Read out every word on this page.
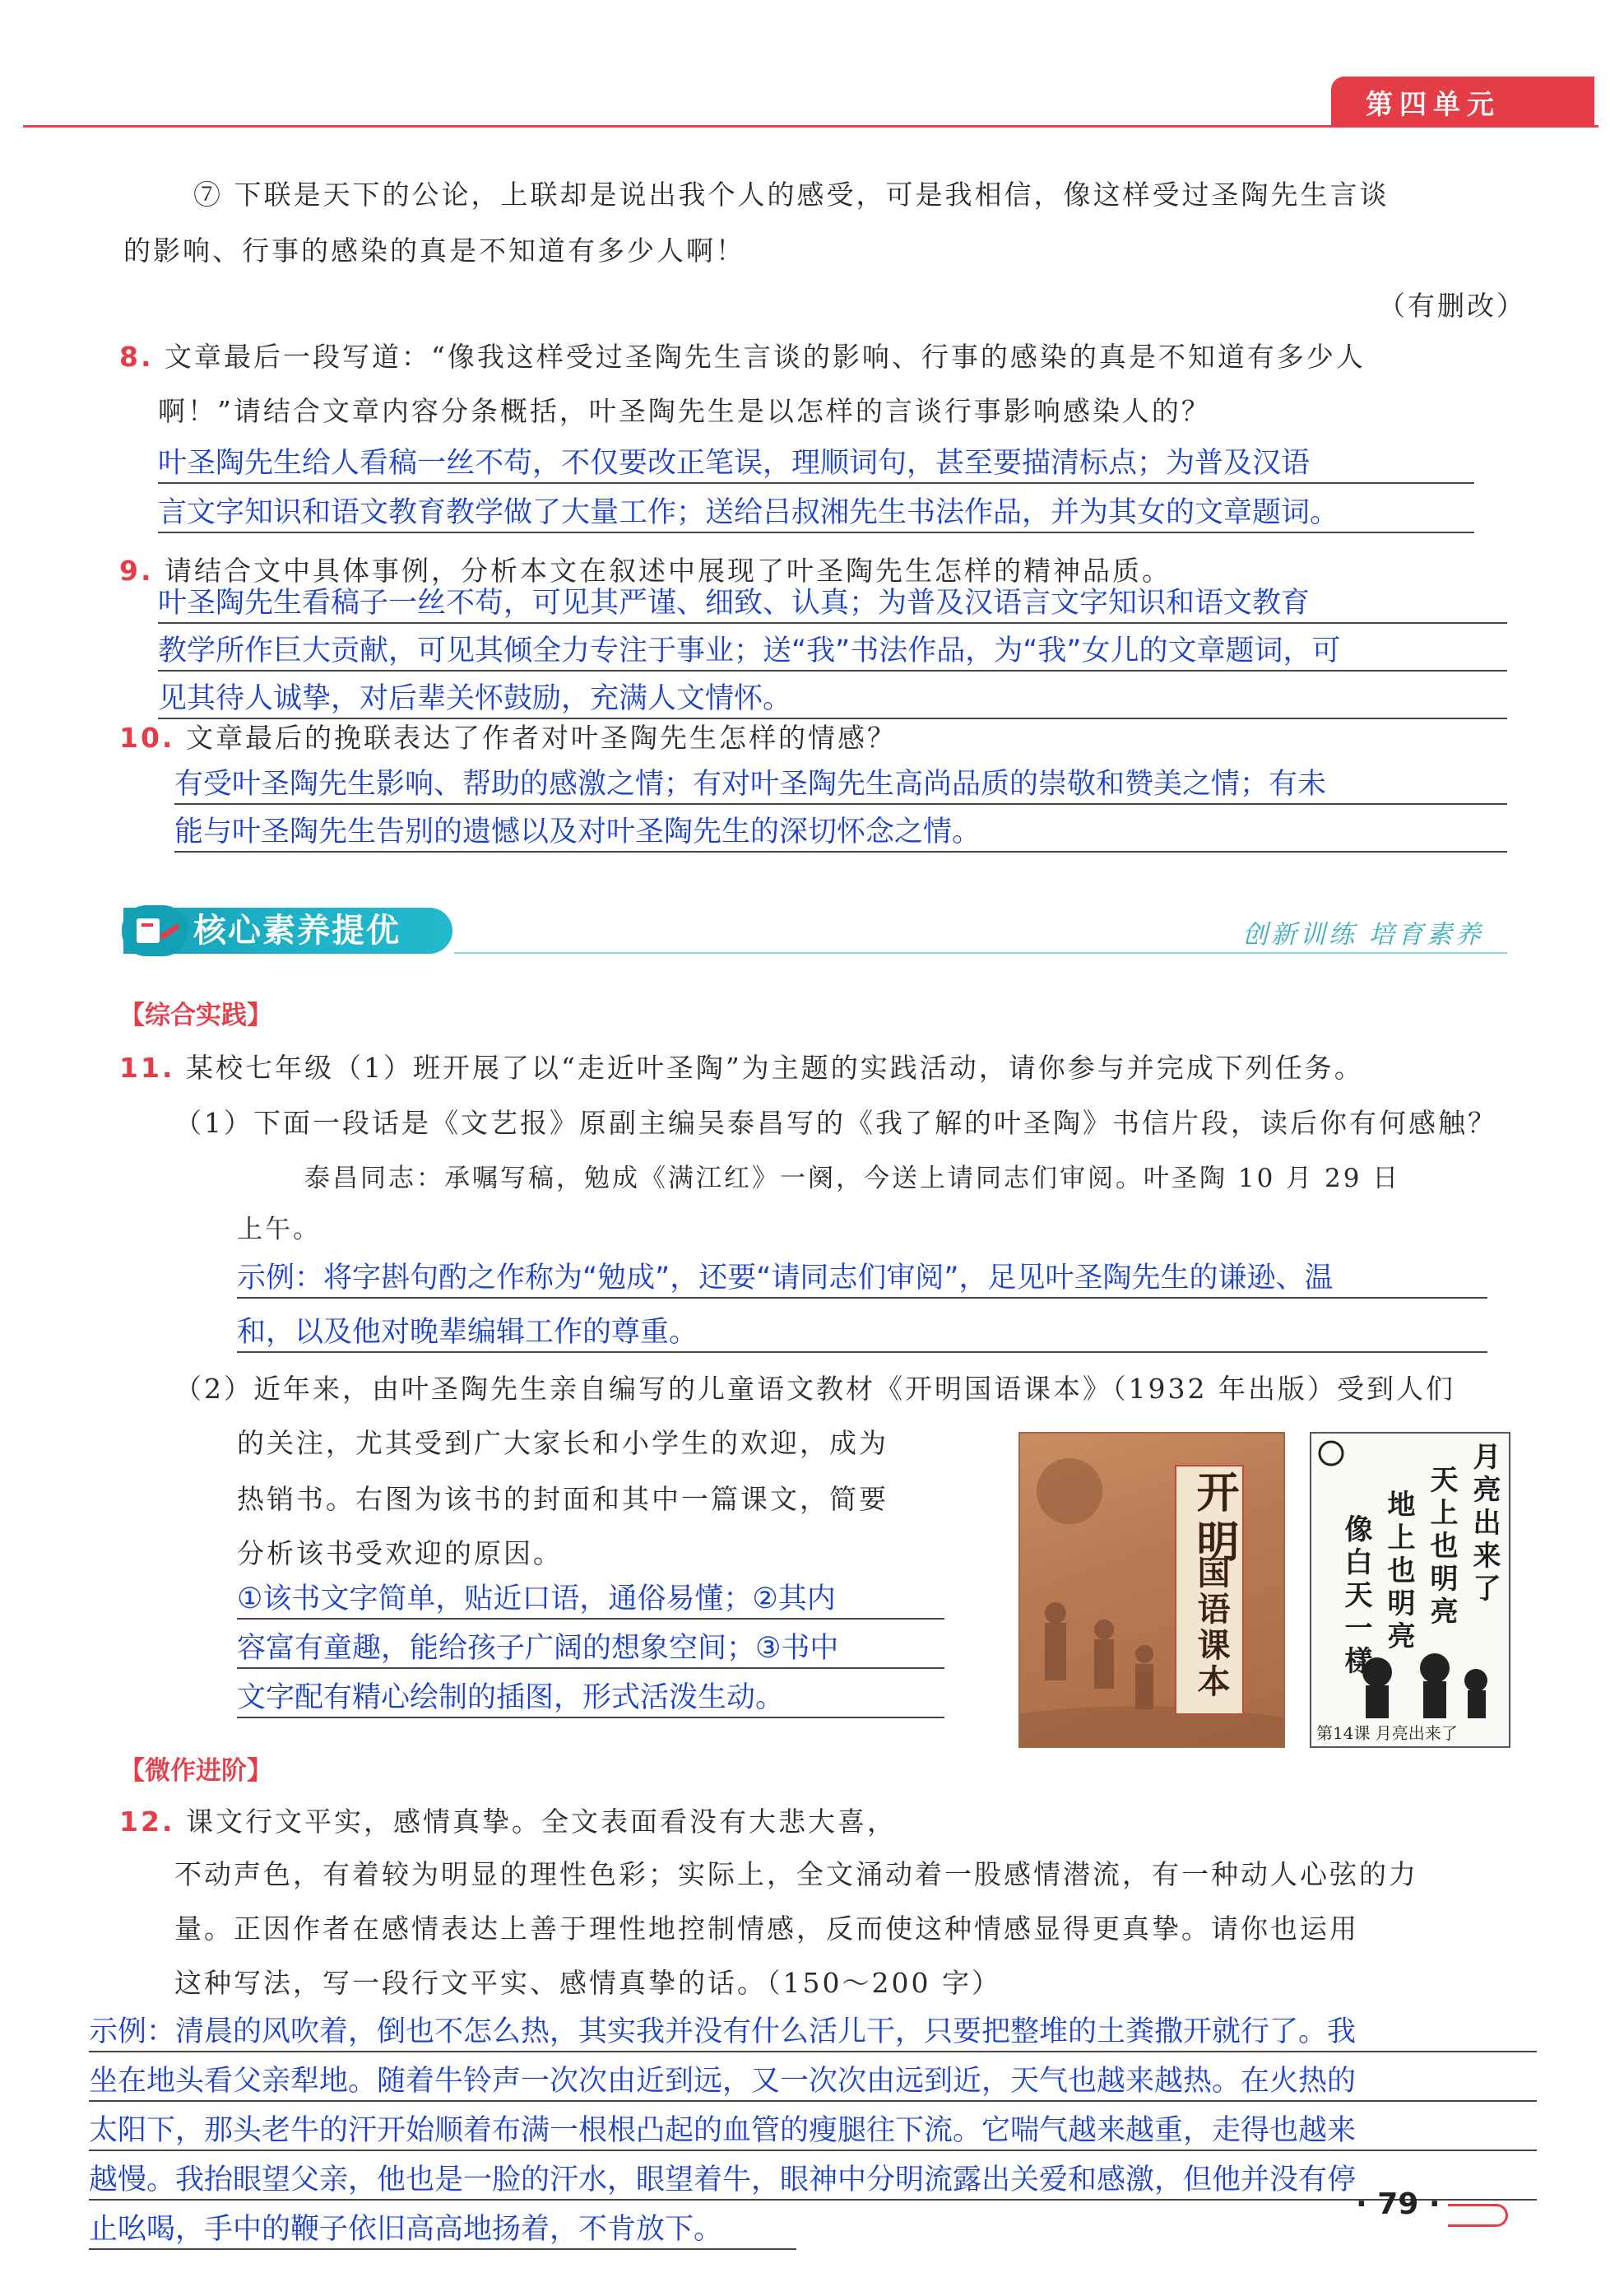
第四单元
⑦ 下联是天下的公论，上联却是说出我个人的感受，可是我相信，像这样受过圣陶先生言谈
的影响、行事的感染的真是不知道有多少人啊！
（有删改）
8. 文章最后一段写道：“像我这样受过圣陶先生言谈的影响、行事的感染的真是不知道有多少人
啊！”请结合文章内容分条概括，叶圣陶先生是以怎样的言谈行事影响感染人的？
叶圣陶先生给人看稿一丝不苟，不仅要改正笔误，理顺词句，甚至要描清标点；为普及汉语
言文字知识和语文教育教学做了大量工作；送给吕叔湘先生书法作品，并为其女的文章题词。
9. 请结合文中具体事例，分析本文在叙述中展现了叶圣陶先生怎样的精神品质。
叶圣陶先生看稿子一丝不苟，可见其严谨、细致、认真；为普及汉语言文字知识和语文教育
教学所作巨大贡献，可见其倾全力专注于事业；送“我”书法作品，为“我”女儿的文章题词，可
见其待人诚挚，对后辈关怀鼓励，充满人文情怀。
10. 文章最后的挽联表达了作者对叶圣陶先生怎样的情感？
有受叶圣陶先生影响、帮助的感激之情；有对叶圣陶先生高尚品质的崇敬和赞美之情；有未
能与叶圣陶先生告别的遗憾以及对叶圣陶先生的深切怀念之情。
核心素养提优	创新训练 培育素养
【综合实践】
11. 某校七年级（1）班开展了以“走近叶圣陶”为主题的实践活动，请你参与并完成下列任务。
（1）下面一段话是《文艺报》原副主编吴泰昌写的《我了解的叶圣陶》书信片段，读后你有何感触？
泰昌同志：承嘱写稿，勉成《满江红》一阕，今送上请同志们审阅。叶圣陶 10 月 29 日
上午。
示例：将字斟句酌之作称为“勉成”，还要“请同志们审阅”，足见叶圣陶先生的谦逊、温
和，以及他对晚辈编辑工作的尊重。
（2）近年来，由叶圣陶先生亲自编写的儿童语文教材《开明国语课本》（1932 年出版）受到人们
的关注，尤其受到广大家长和小学生的欢迎，成为
热销书。右图为该书的封面和其中一篇课文，简要
分析该书受欢迎的原因。
①该书文字简单，贴近口语，通俗易懂；②其内
容富有童趣，能给孩子广阔的想象空间；③书中
文字配有精心绘制的插图，形式活泼生动。
开明
国语课本
月亮出来了
天上也明亮
地上也明亮
像白天一樣
第14课 月亮出来了
【微作进阶】
12. 课文行文平实，感情真挚。全文表面看没有大悲大喜，
不动声色，有着较为明显的理性色彩；实际上，全文涌动着一股感情潜流，有一种动人心弦的力
量。正因作者在感情表达上善于理性地控制情感，反而使这种情感显得更真挚。请你也运用
这种写法，写一段行文平实、感情真挚的话。（150～200 字）
示例：清晨的风吹着，倒也不怎么热，其实我并没有什么活儿干，只要把整堆的土粪撒开就行了。我
坐在地头看父亲犁地。随着牛铃声一次次由近到远，又一次次由远到近，天气也越来越热。在火热的
太阳下，那头老牛的汗开始顺着布满一根根凸起的血管的瘦腿往下流。它喘气越来越重，走得也越来
越慢。我抬眼望父亲，他也是一脸的汗水，眼望着牛，眼神中分明流露出关爱和感激，但他并没有停
止吆喝，手中的鞭子依旧高高地扬着，不肯放下。
· 79 ·
